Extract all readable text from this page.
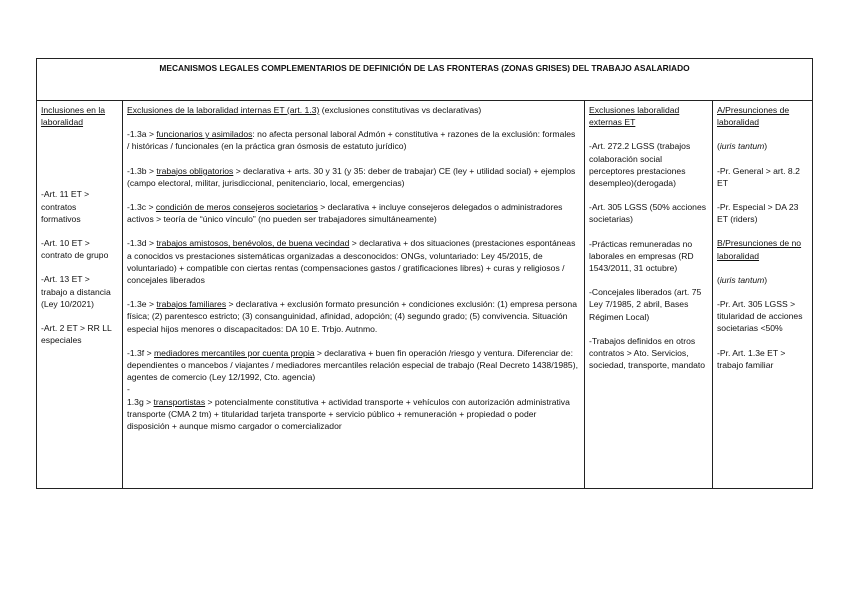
MECANISMOS LEGALES COMPLEMENTARIOS DE DEFINICIÓN DE LAS FRONTERAS (ZONAS GRISES) DEL TRABAJO ASALARIADO

Inclusiones en la laboralidad
-Art. 11 ET > contratos formativos
-Art. 10 ET > contrato de grupo
-Art. 13 ET > trabajo a distancia (Ley 10/2021)
-Art. 2 ET > RR LL especiales

Exclusiones de la laboralidad internas ET (art. 1.3) (exclusiones constitutivas vs declarativas)
-1.3a > funcionarios y asimilados: no afecta personal laboral Admón + constitutiva + razones de la exclusión: formales / históricas / funcionales (en la práctica gran ósmosis de estatuto jurídico)
-1.3b > trabajos obligatorios > declarativa + arts. 30 y 31 (y 35: deber de trabajar) CE (ley + utilidad social) + ejemplos (campo electoral, militar, jurisdiccional, penitenciario, local, emergencias)
-1.3c > condición de meros consejeros societarios > declarativa + incluye consejeros delegados o administradores activos > teoría de “único vínculo” (no pueden ser trabajadores simultáneamente)
-1.3d > trabajos amistosos, benévolos, de buena vecindad > declarativa + dos situaciones (prestaciones espontáneas a conocidos vs prestaciones sistemáticas organizadas a desconocidos: ONGs, voluntariado: Ley 45/2015, de voluntariado) + compatible con ciertas rentas (compensaciones gastos / gratificaciones libres) + curas y religiosos / concejales liberados
-1.3e > trabajos familiares > declarativa + exclusión formato presunción + condiciones exclusión: (1) empresa persona física; (2) parentesco estricto; (3) consanguinidad, afinidad, adopción; (4) segundo grado; (5) convivencia. Situación especial hijos menores o discapacitados: DA 10 E. Trbjo. Autnmo.
-1.3f > mediadores mercantiles por cuenta propia > declarativa + buen fin operación /riesgo y ventura. Diferenciar de: dependientes o mancebos / viajantes / mediadores mercantiles relación especial de trabajo (Real Decreto 1438/1985), agentes de comercio (Ley 12/1992, Cto. agencia)
-
1.3g > transportistas > potencialmente constitutiva + actividad transporte + vehículos con autorización administrativa transporte (CMA 2 tm) + titularidad tarjeta transporte + servicio público + remuneración + propiedad o poder disposición + aunque mismo cargador o comercializador

Exclusiones laboralidad externas ET
-Art. 272.2 LGSS (trabajos colaboración social perceptores prestaciones desempleo)(derogada)
-Art. 305 LGSS (50% acciones societarias)
-Prácticas remuneradas no laborales en empresas (RD 1543/2011, 31 octubre)
-Concejales liberados (art. 75 Ley 7/1985, 2 abril, Bases Régimen Local)
-Trabajos definidos en otros contratos > Ato. Servicios, sociedad, transporte, mandato

A/Presunciones de laboralidad
(iuris tantum)
-Pr. General > art. 8.2 ET
-Pr. Especial > DA 23 ET (riders)
B/Presunciones de no laboralidad
(iuris tantum)
-Pr. Art. 305 LGSS > titularidad de acciones societarias <50%
-Pr. Art. 1.3e ET > trabajo familiar
